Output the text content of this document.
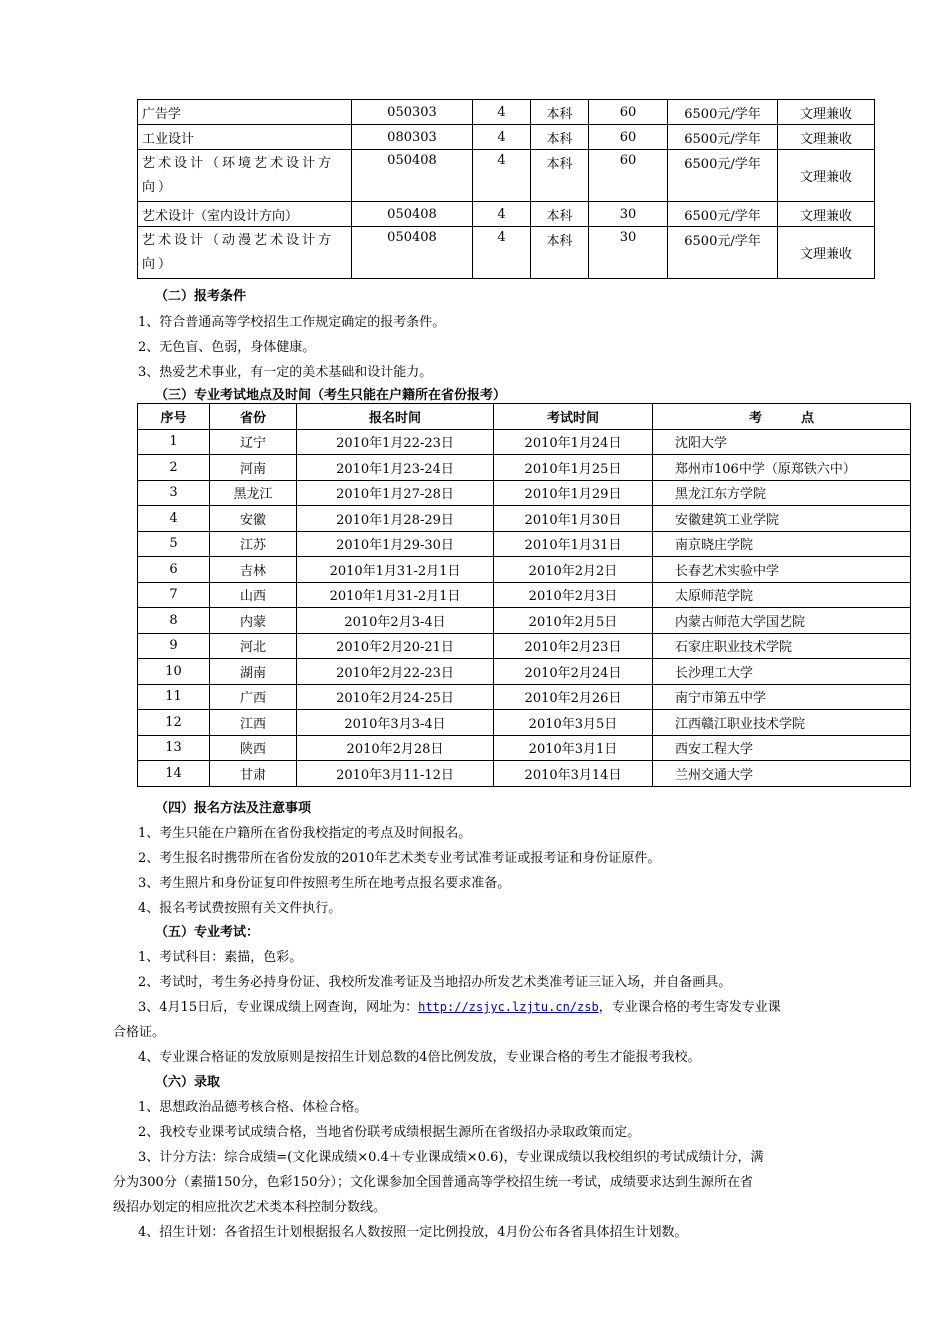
广告学	050303	4	本科	60	6500元/学年	文理兼收
工业设计	080303	4	本科	60	6500元/学年	文理兼收
艺术设计（环境艺术设计方向）	050408	4	本科	60	6500元/学年	文理兼收
艺术设计（室内设计方向）	050408	4	本科	30	6500元/学年	文理兼收
艺术设计（动漫艺术设计方向）	050408	4	本科	30	6500元/学年	文理兼收
（二）报考条件
1、符合普通高等学校招生工作规定确定的报考条件。
2、无色盲、色弱，身体健康。
3、热爱艺术事业，有一定的美术基础和设计能力。
（三）专业考试地点及时间（考生只能在户籍所在省份报考）
序号	省份	报名时间	考试时间	考　　　点
1	辽宁	2010年1月22-23日	2010年1月24日	沈阳大学
2	河南	2010年1月23-24日	2010年1月25日	郑州市106中学（原郑铁六中）
3	黑龙江	2010年1月27-28日	2010年1月29日	黑龙江东方学院
4	安徽	2010年1月28-29日	2010年1月30日	安徽建筑工业学院
5	江苏	2010年1月29-30日	2010年1月31日	南京晓庄学院
6	吉林	2010年1月31-2月1日	2010年2月2日	长春艺术实验中学
7	山西	2010年1月31-2月1日	2010年2月3日	太原师范学院
8	内蒙	2010年2月3-4日	2010年2月5日	内蒙古师范大学国艺院
9	河北	2010年2月20-21日	2010年2月23日	石家庄职业技术学院
10	湖南	2010年2月22-23日	2010年2月24日	长沙理工大学
11	广西	2010年2月24-25日	2010年2月26日	南宁市第五中学
12	江西	2010年3月3-4日	2010年3月5日	江西赣江职业技术学院
13	陕西	2010年2月28日	2010年3月1日	西安工程大学
14	甘肃	2010年3月11-12日	2010年3月14日	兰州交通大学
（四）报名方法及注意事项
1、考生只能在户籍所在省份我校指定的考点及时间报名。
2、考生报名时携带所在省份发放的2010年艺术类专业考试准考证或报考证和身份证原件。
3、考生照片和身份证复印件按照考生所在地考点报名要求准备。
4、报名考试费按照有关文件执行。
（五）专业考试：
1、考试科目：素描，色彩。
2、考试时，考生务必持身份证、我校所发准考证及当地招办所发艺术类准考证三证入场，并自备画具。
3、4月15日后，专业课成绩上网查询，网址为：http://zsjyc.lzjtu.cn/zsb，专业课合格的考生寄发专业课
合格证。
4、专业课合格证的发放原则是按招生计划总数的4倍比例发放，专业课合格的考生才能报考我校。
（六）录取
1、思想政治品德考核合格、体检合格。
2、我校专业课考试成绩合格，当地省份联考成绩根据生源所在省级招办录取政策而定。
3、计分方法：综合成绩=(文化课成绩×0.4＋专业课成绩×0.6)，专业课成绩以我校组织的考试成绩计分，满
分为300分（素描150分，色彩150分）；文化课参加全国普通高等学校招生统一考试，成绩要求达到生源所在省
级招办划定的相应批次艺术类本科控制分数线。
4、招生计划：各省招生计划根据报名人数按照一定比例投放，4月份公布各省具体招生计划数。
